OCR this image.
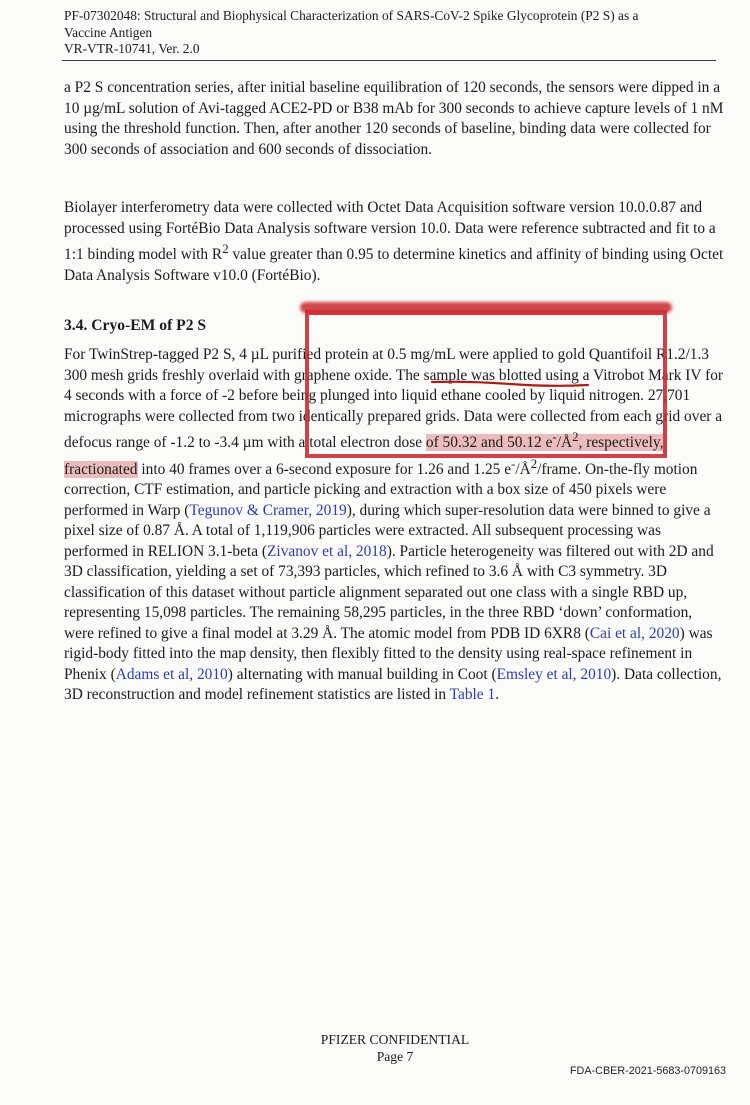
PF-07302048: Structural and Biophysical Characterization of SARS-CoV-2 Spike Glycoprotein (P2 S) as a
Vaccine Antigen
VR-VTR-10741, Ver. 2.0

a P2 S concentration series, after initial baseline equilibration of 120 seconds, the sensors were dipped in a 10 µg/mL solution of Avi-tagged ACE2-PD or B38 mAb for 300 seconds to achieve capture levels of 1 nM using the threshold function. Then, after another 120 seconds of baseline, binding data were collected for 300 seconds of association and 600 seconds of dissociation.

Biolayer interferometry data were collected with Octet Data Acquisition software version 10.0.0.87 and processed using FortéBio Data Analysis software version 10.0. Data were reference subtracted and fit to a 1:1 binding model with $R^2$ value greater than 0.95 to determine kinetics and affinity of binding using Octet Data Analysis Software v10.0 (FortéBio).

3.4. Cryo-EM of P2 S

For TwinStrep-tagged P2 S, 4 µL purified protein at 0.5 mg/mL were applied to gold Quantifoil R1.2/1.3 300 mesh grids freshly overlaid with graphene oxide. The sample was blotted using a Vitrobot Mark IV for 4 seconds with a force of -2 before being plunged into liquid ethane cooled by liquid nitrogen. 27,701 micrographs were collected from two identically prepared grids. Data were collected from each grid over a defocus range of -1.2 to -3.4 µm with a total electron dose of 50.32 and 50.12 $e^-/Å^2$, respectively, fractionated into 40 frames over a 6-second exposure for 1.26 and 1.25 $e^-/Å^2$/frame. On-the-fly motion correction, CTF estimation, and particle picking and extraction with a box size of 450 pixels were performed in Warp (Tegunov & Cramer, 2019), during which super-resolution data were binned to give a pixel size of 0.87 Å. A total of 1,119,906 particles were extracted. All subsequent processing was performed in RELION 3.1-beta (Zivanov et al, 2018). Particle heterogeneity was filtered out with 2D and 3D classification, yielding a set of 73,393 particles, which refined to 3.6 Å with C3 symmetry. 3D classification of this dataset without particle alignment separated out one class with a single RBD up, representing 15,098 particles. The remaining 58,295 particles, in the three RBD ‘down’ conformation, were refined to give a final model at 3.29 Å. The atomic model from PDB ID 6XR8 (Cai et al, 2020) was rigid-body fitted into the map density, then flexibly fitted to the density using real-space refinement in Phenix (Adams et al, 2010) alternating with manual building in Coot (Emsley et al, 2010). Data collection, 3D reconstruction and model refinement statistics are listed in Table 1.

PFIZER CONFIDENTIAL
Page 7
FDA-CBER-2021-5683-0709163
